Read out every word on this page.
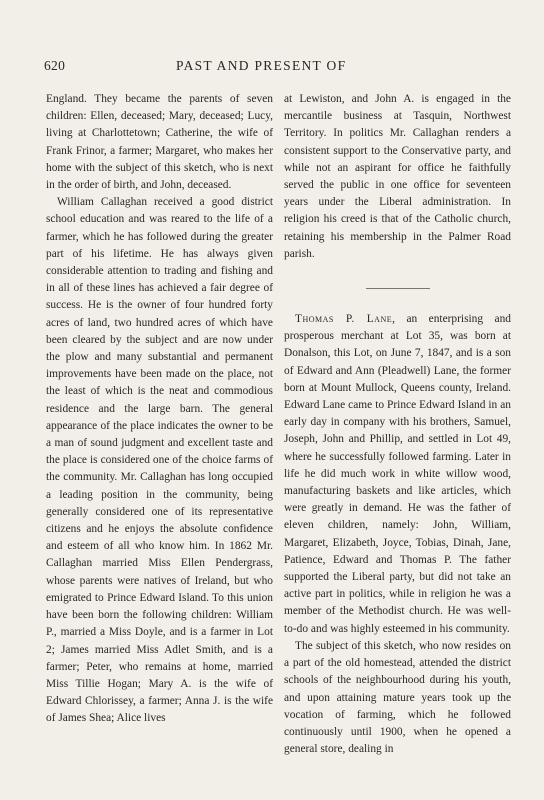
620	PAST AND PRESENT OF

England. They became the parents of seven children: Ellen, deceased; Mary, deceased; Lucy, living at Charlottetown; Catherine, the wife of Frank Frinor, a farmer; Margaret, who makes her home with the subject of this sketch, who is next in the order of birth, and John, deceased.

William Callaghan received a good district school education and was reared to the life of a farmer, which he has followed during the greater part of his lifetime. He has always given considerable attention to trading and fishing and in all of these lines has achieved a fair degree of success. He is the owner of four hundred forty acres of land, two hundred acres of which have been cleared by the subject and are now under the plow and many substantial and permanent improvements have been made on the place, not the least of which is the neat and commodious residence and the large barn. The general appearance of the place indicates the owner to be a man of sound judgment and excellent taste and the place is considered one of the choice farms of the community. Mr. Callaghan has long occupied a leading position in the community, being generally considered one of its representative citizens and he enjoys the absolute confidence and esteem of all who know him. In 1862 Mr. Callaghan married Miss Ellen Pendergrass, whose parents were natives of Ireland, but who emigrated to Prince Edward Island. To this union have been born the following children: William P., married a Miss Doyle, and is a farmer in Lot 2; James married Miss Adlet Smith, and is a farmer; Peter, who remains at home, married Miss Tillie Hogan; Mary A. is the wife of Edward Chlorissey, a farmer; Anna J. is the wife of James Shea; Alice lives

at Lewiston, and John A. is engaged in the mercantile business at Tasquin, Northwest Territory. In politics Mr. Callaghan renders a consistent support to the Conservative party, and while not an aspirant for office he faithfully served the public in one office for seventeen years under the Liberal administration. In religion his creed is that of the Catholic church, retaining his membership in the Palmer Road parish.

Thomas P. Lane, an enterprising and prosperous merchant at Lot 35, was born at Donalson, this Lot, on June 7, 1847, and is a son of Edward and Ann (Pleadwell) Lane, the former born at Mount Mullock, Queens county, Ireland. Edward Lane came to Prince Edward Island in an early day in company with his brothers, Samuel, Joseph, John and Phillip, and settled in Lot 49, where he successfully followed farming. Later in life he did much work in white willow wood, manufacturing baskets and like articles, which were greatly in demand. He was the father of eleven children, namely: John, William, Margaret, Elizabeth, Joyce, Tobias, Dinah, Jane, Patience, Edward and Thomas P. The father supported the Liberal party, but did not take an active part in politics, while in religion he was a member of the Methodist church. He was well-to-do and was highly esteemed in his community.

The subject of this sketch, who now resides on a part of the old homestead, attended the district schools of the neighbourhood during his youth, and upon attaining mature years took up the vocation of farming, which he followed continuously until 1900, when he opened a general store, dealing in
